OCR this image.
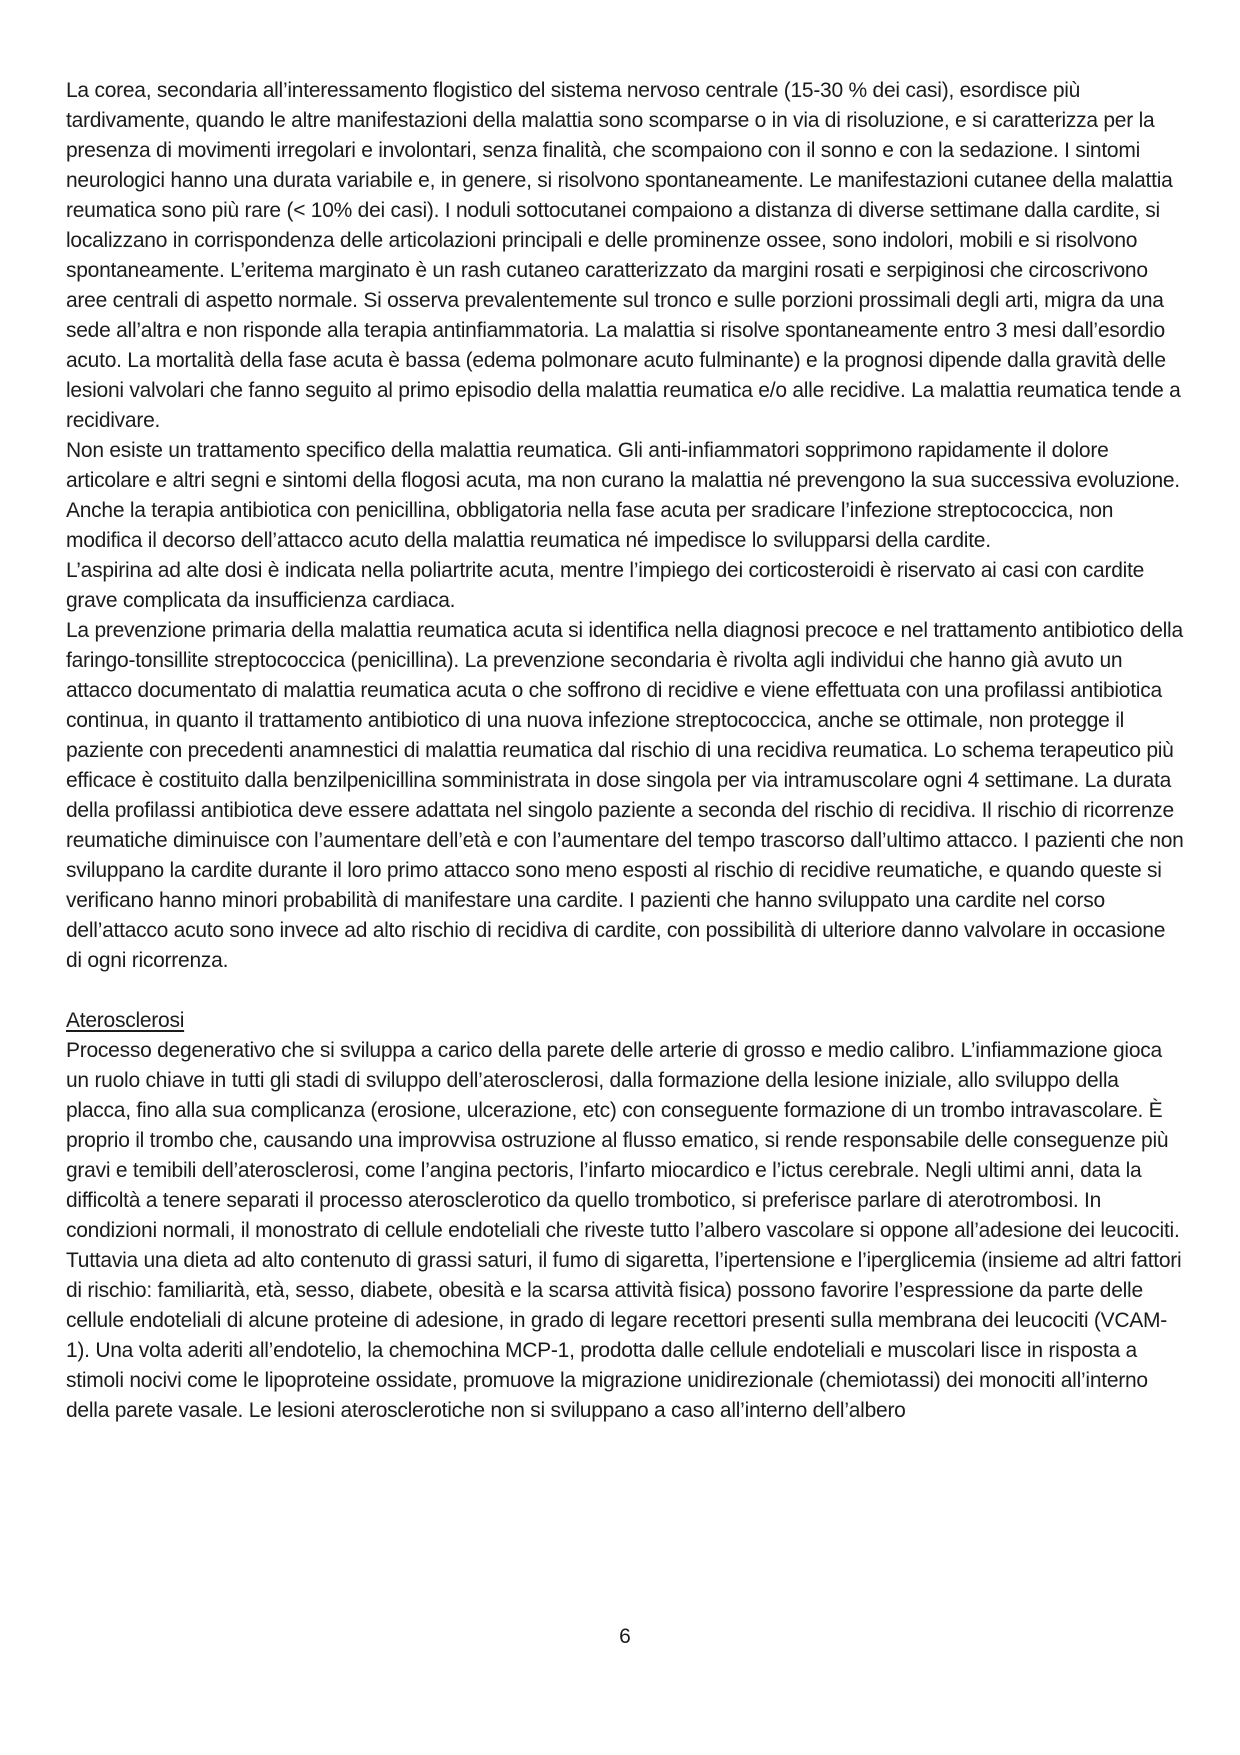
La corea, secondaria all’interessamento flogistico del sistema nervoso centrale (15-30 % dei casi), esordisce più tardivamente, quando le altre manifestazioni della malattia sono scomparse o in via di risoluzione, e si caratterizza per la presenza di movimenti irregolari e involontari, senza finalità, che scompaiono con il sonno e con la sedazione. I sintomi neurologici hanno una durata variabile e, in genere, si risolvono spontaneamente. Le manifestazioni cutanee della malattia reumatica sono più rare (< 10% dei casi). I noduli sottocutanei compaiono a distanza di diverse settimane dalla cardite, si localizzano in corrispondenza delle articolazioni principali e delle prominenze ossee, sono indolori, mobili e si risolvono spontaneamente. L’eritema marginato è un rash cutaneo caratterizzato da margini rosati e serpiginosi che circoscrivono aree centrali di aspetto normale. Si osserva prevalentemente sul tronco e sulle porzioni prossimali degli arti, migra da una sede all’altra e non risponde alla terapia antinfiammatoria. La malattia si risolve spontaneamente entro 3 mesi dall’esordio acuto. La mortalità della fase acuta è bassa (edema polmonare acuto fulminante) e la prognosi dipende dalla gravità delle lesioni valvolari che fanno seguito al primo episodio della malattia reumatica e/o alle recidive. La malattia reumatica tende a recidivare.

Non esiste un trattamento specifico della malattia reumatica. Gli anti-infiammatori sopprimono rapidamente il dolore articolare e altri segni e sintomi della flogosi acuta, ma non curano la malattia né prevengono la sua successiva evoluzione. Anche la terapia antibiotica con penicillina, obbligatoria nella fase acuta per sradicare l’infezione streptococcica, non modifica il decorso dell’attacco acuto della malattia reumatica né impedisce lo svilupparsi della cardite.

L’aspirina ad alte dosi è indicata nella poliartrite acuta, mentre l’impiego dei corticosteroidi è riservato ai casi con cardite grave complicata da insufficienza cardiaca.

La prevenzione primaria della malattia reumatica acuta si identifica nella diagnosi precoce e nel trattamento antibiotico della faringo-tonsillite streptococcica (penicillina). La prevenzione secondaria è rivolta agli individui che hanno già avuto un attacco documentato di malattia reumatica acuta o che soffrono di recidive e viene effettuata con una profilassi antibiotica continua, in quanto il trattamento antibiotico di una nuova infezione streptococcica, anche se ottimale, non protegge il paziente con precedenti anamnestici di malattia reumatica dal rischio di una recidiva reumatica. Lo schema terapeutico più efficace è costituito dalla benzilpenicillina somministrata in dose singola per via intramuscolare ogni 4 settimane. La durata della profilassi antibiotica deve essere adattata nel singolo paziente a seconda del rischio di recidiva. Il rischio di ricorrenze reumatiche diminuisce con l’aumentare dell’età e con l’aumentare del tempo trascorso dall’ultimo attacco. I pazienti che non sviluppano la cardite durante il loro primo attacco sono meno esposti al rischio di recidive reumatiche, e quando queste si verificano hanno minori probabilità di manifestare una cardite. I pazienti che hanno sviluppato una cardite nel corso dell’attacco acuto sono invece ad alto rischio di recidiva di cardite, con possibilità di ulteriore danno valvolare in occasione di ogni ricorrenza.

Aterosclerosi

Processo degenerativo che si sviluppa a carico della parete delle arterie di grosso e medio calibro. L’infiammazione gioca un ruolo chiave in tutti gli stadi di sviluppo dell’aterosclerosi, dalla formazione della lesione iniziale, allo sviluppo della placca, fino alla sua complicanza (erosione, ulcerazione, etc) con conseguente formazione di un trombo intravascolare. È proprio il trombo che, causando una improvvisa ostruzione al flusso ematico, si rende responsabile delle conseguenze più gravi e temibili dell’aterosclerosi, come l’angina pectoris, l’infarto miocardico e l’ictus cerebrale. Negli ultimi anni, data la difficoltà a tenere separati il processo aterosclerotico da quello trombotico, si preferisce parlare di aterotrombosi. In condizioni normali, il monostrato di cellule endoteliali che riveste tutto l’albero vascolare si oppone all’adesione dei leucociti. Tuttavia una dieta ad alto contenuto di grassi saturi, il fumo di sigaretta, l’ipertensione e l’iperglicemia (insieme ad altri fattori di rischio: familiarità, età, sesso, diabete, obesità e la scarsa attività fisica) possono favorire l’espressione da parte delle cellule endoteliali di alcune proteine di adesione, in grado di legare recettori presenti sulla membrana dei leucociti (VCAM-1). Una volta aderiti all’endotelio, la chemochina MCP-1, prodotta dalle cellule endoteliali e muscolari lisce in risposta a stimoli nocivi come le lipoproteine ossidate, promuove la migrazione unidirezionale (chemiotassi) dei monociti all’interno della parete vasale. Le lesioni aterosclerotiche non si sviluppano a caso all’interno dell’albero

6
